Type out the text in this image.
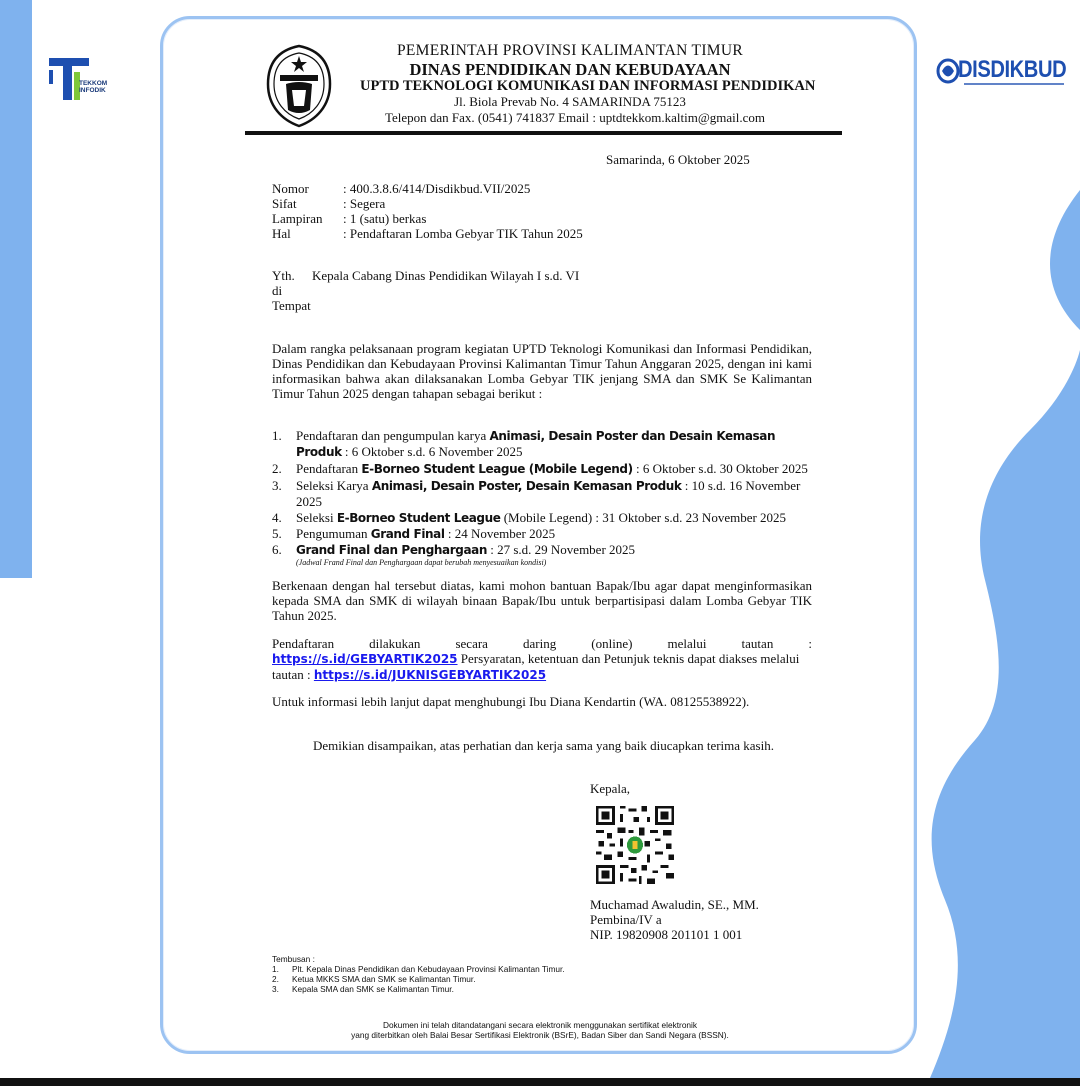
TEKKOM
INFODIK
DISDIKBUD
PEMERINTAH PROVINSI KALIMANTAN TIMUR
DINAS PENDIDIKAN DAN KEBUDAYAAN
UPTD TEKNOLOGI KOMUNIKASI DAN INFORMASI PENDIDIKAN
Jl. Biola Prevab No. 4 SAMARINDA 75123
Telepon dan Fax. (0541) 741837 Email : uptdtekkom.kaltim@gmail.com
Samarinda, 6 Oktober 2025
Nomor	: 400.3.8.6/414/Disdikbud.VII/2025
Sifat	: Segera
Lampiran	: 1 (satu) berkas
Hal	: Pendaftaran Lomba Gebyar TIK Tahun 2025
Yth.	Kepala Cabang Dinas Pendidikan Wilayah I s.d. VI
di
Tempat
Dalam rangka pelaksanaan program kegiatan UPTD Teknologi Komunikasi dan Informasi Pendidikan, Dinas Pendidikan dan Kebudayaan Provinsi Kalimantan Timur Tahun Anggaran 2025, dengan ini kami informasikan bahwa akan dilaksanakan Lomba Gebyar TIK jenjang SMA dan SMK Se Kalimantan Timur Tahun 2025 dengan tahapan sebagai berikut :
1. Pendaftaran dan pengumpulan karya Animasi, Desain Poster dan Desain Kemasan Produk : 6 Oktober s.d. 6 November 2025
2. Pendaftaran E-Borneo Student League (Mobile Legend) : 6 Oktober s.d. 30 Oktober 2025
3. Seleksi Karya Animasi, Desain Poster, Desain Kemasan Produk : 10 s.d. 16 November 2025
4. Seleksi E-Borneo Student League (Mobile Legend) : 31 Oktober s.d. 23 November 2025
5. Pengumuman Grand Final : 24 November 2025
6. Grand Final dan Penghargaan : 27 s.d. 29 November 2025
(Jadwal Frand Final dan Penghargaan dapat berubah menyesuaikan kondisi)
Berkenaan dengan hal tersebut diatas, kami mohon bantuan Bapak/Ibu agar dapat menginformasikan kepada SMA dan SMK di wilayah binaan Bapak/Ibu untuk berpartisipasi dalam Lomba Gebyar TIK Tahun 2025.
Pendaftaran dilakukan secara daring (online) melalui tautan :
https://s.id/GEBYARTIK2025 Persyaratan, ketentuan dan Petunjuk teknis dapat diakses melalui tautan : https://s.id/JUKNISGEBYARTIK2025
Untuk informasi lebih lanjut dapat menghubungi Ibu Diana Kendartin (WA. 08125538922).
Demikian disampaikan, atas perhatian dan kerja sama yang baik diucapkan terima kasih.
Kepala,
Muchamad Awaludin, SE., MM.
Pembina/IV a
NIP. 19820908 201101 1 001
Tembusan :
1.	Plt. Kepala Dinas Pendidikan dan Kebudayaan Provinsi Kalimantan Timur.
2.	Ketua MKKS SMA dan SMK se Kalimantan Timur.
3.	Kepala SMA dan SMK se Kalimantan Timur.
Dokumen ini telah ditandatangani secara elektronik menggunakan sertifikat elektronik
yang diterbitkan oleh Balai Besar Sertifikasi Elektronik (BSrE), Badan Siber dan Sandi Negara (BSSN).
